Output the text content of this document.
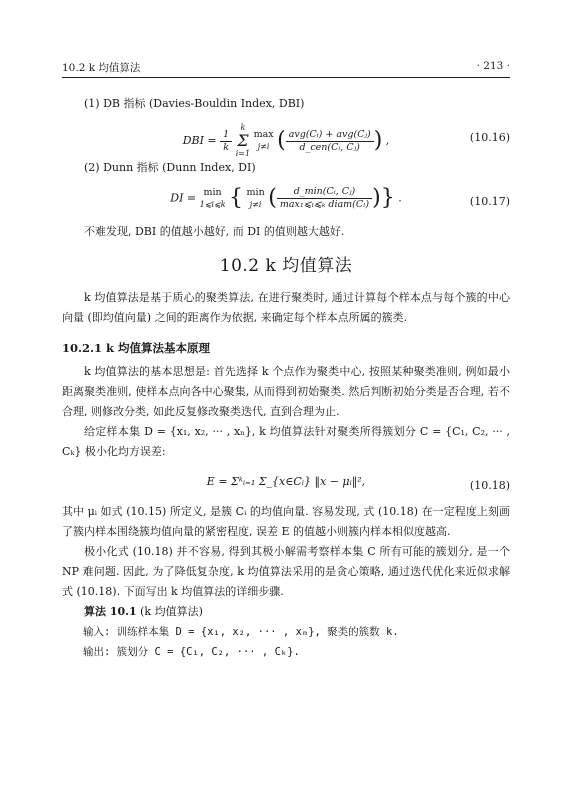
10.2 k 均值算法	· 213 ·

(1) DB 指标 (Davies-Bouldin Index, DBI)

DBI = $\frac{1}{k}$

k
Σ
i=1

max
j≠i ( $\frac{\text{avg(Cᵢ) + avg(Cⱼ)}}{\text{d\_cen(Cᵢ, Cⱼ)}}$ ) ,	(10.16)

(2) Dunn 指标 (Dunn Index, DI)

DI = min
1⩽i⩽k { min
j≠i ( $\frac{\text{d\_min(Cᵢ, Cⱼ)}}{\text{max₁⩽ₗ⩽ₖ diam(Cₗ)}}$ )} .	(10.17)

不难发现, DBI 的值越小越好, 而 DI 的值则越大越好.

10.2 k 均值算法

k 均值算法是基于质心的聚类算法, 在进行聚类时, 通过计算每个样本点与每个簇的中心向量 (即均值向量) 之间的距离作为依据, 来确定每个样本点所属的簇类.

10.2.1 k 均值算法基本原理

k 均值算法的基本思想是: 首先选择 k 个点作为聚类中心, 按照某种聚类准则, 例如最小距离聚类准则, 使样本点向各中心聚集, 从而得到初始聚类. 然后判断初始分类是否合理, 若不合理, 则修改分类, 如此反复修改聚类迭代, 直到合理为止.

给定样本集 D = {x₁, x₂, ··· , xₙ}, k 均值算法针对聚类所得簇划分 C = {C₁, C₂, ··· , Cₖ} 极小化均方误差:

E = Σᵏᵢ₌₁ Σ_{x∈Cᵢ} ‖x − μᵢ‖²,	(10.18)

其中 μᵢ 如式 (10.15) 所定义, 是簇 Cᵢ 的均值向量. 容易发现, 式 (10.18) 在一定程度上刻画了簇内样本围绕簇均值向量的紧密程度, 误差 E 的值越小则簇内样本相似度越高.

极小化式 (10.18) 并不容易, 得到其极小解需考察样本集 C 所有可能的簇划分, 是一个 NP 难问题. 因此, 为了降低复杂度, k 均值算法采用的是贪心策略, 通过迭代优化来近似求解式 (10.18). 下面写出 k 均值算法的详细步骤.

算法 10.1 (k 均值算法)

输入: 训练样本集 D = {x₁, x₂, ··· , xₘ}, 聚类的簇数 k.

输出: 簇划分 C = {C₁, C₂, ··· , Cₖ}.
